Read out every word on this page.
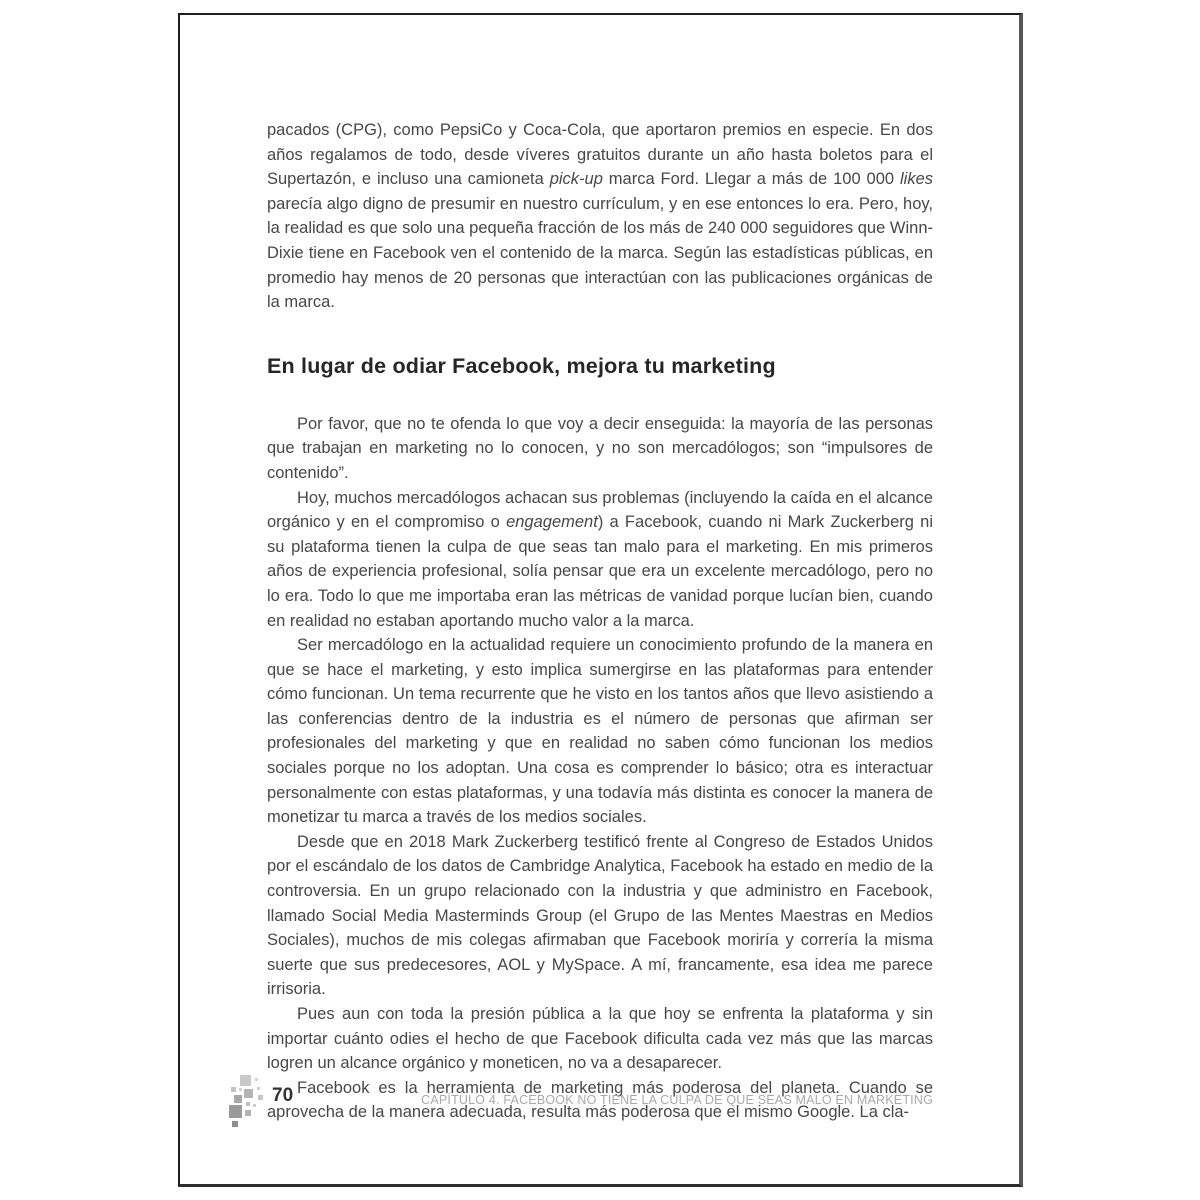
pacados (CPG), como PepsiCo y Coca-Cola, que aportaron premios en especie. En dos años regalamos de todo, desde víveres gratuitos durante un año hasta boletos para el Supertazón, e incluso una camioneta pick-up marca Ford. Llegar a más de 100 000 likes parecía algo digno de presumir en nuestro currículum, y en ese entonces lo era. Pero, hoy, la realidad es que solo una pequeña fracción de los más de 240 000 seguidores que Winn-Dixie tiene en Facebook ven el contenido de la marca. Según las estadísticas públicas, en promedio hay menos de 20 personas que interactúan con las publicaciones orgánicas de la marca.

En lugar de odiar Facebook, mejora tu marketing

Por favor, que no te ofenda lo que voy a decir enseguida: la mayoría de las personas que trabajan en marketing no lo conocen, y no son mercadólogos; son “impulsores de contenido”.

Hoy, muchos mercadólogos achacan sus problemas (incluyendo la caída en el alcance orgánico y en el compromiso o engagement) a Facebook, cuando ni Mark Zuckerberg ni su plataforma tienen la culpa de que seas tan malo para el marketing. En mis primeros años de experiencia profesional, solía pensar que era un excelente mercadólogo, pero no lo era. Todo lo que me importaba eran las métricas de vanidad porque lucían bien, cuando en realidad no estaban aportando mucho valor a la marca.

Ser mercadólogo en la actualidad requiere un conocimiento profundo de la manera en que se hace el marketing, y esto implica sumergirse en las plataformas para entender cómo funcionan. Un tema recurrente que he visto en los tantos años que llevo asistiendo a las conferencias dentro de la industria es el número de personas que afirman ser profesionales del marketing y que en realidad no saben cómo funcionan los medios sociales porque no los adoptan. Una cosa es comprender lo básico; otra es interactuar personalmente con estas plataformas, y una todavía más distinta es conocer la manera de monetizar tu marca a través de los medios sociales.

Desde que en 2018 Mark Zuckerberg testificó frente al Congreso de Estados Unidos por el escándalo de los datos de Cambridge Analytica, Facebook ha estado en medio de la controversia. En un grupo relacionado con la industria y que administro en Facebook, llamado Social Media Masterminds Group (el Grupo de las Mentes Maestras en Medios Sociales), muchos de mis colegas afirmaban que Facebook moriría y correría la misma suerte que sus predecesores, AOL y MySpace. A mí, francamente, esa idea me parece irrisoria.

Pues aun con toda la presión pública a la que hoy se enfrenta la plataforma y sin importar cuánto odies el hecho de que Facebook dificulta cada vez más que las marcas logren un alcance orgánico y moneticen, no va a desaparecer.

Facebook es la herramienta de marketing más poderosa del planeta. Cuando se aprovecha de la manera adecuada, resulta más poderosa que el mismo Google. La cla-

70	CAPÍTULO 4. FACEBOOK NO TIENE LA CULPA DE QUE SEAS MALO EN MARKETING
